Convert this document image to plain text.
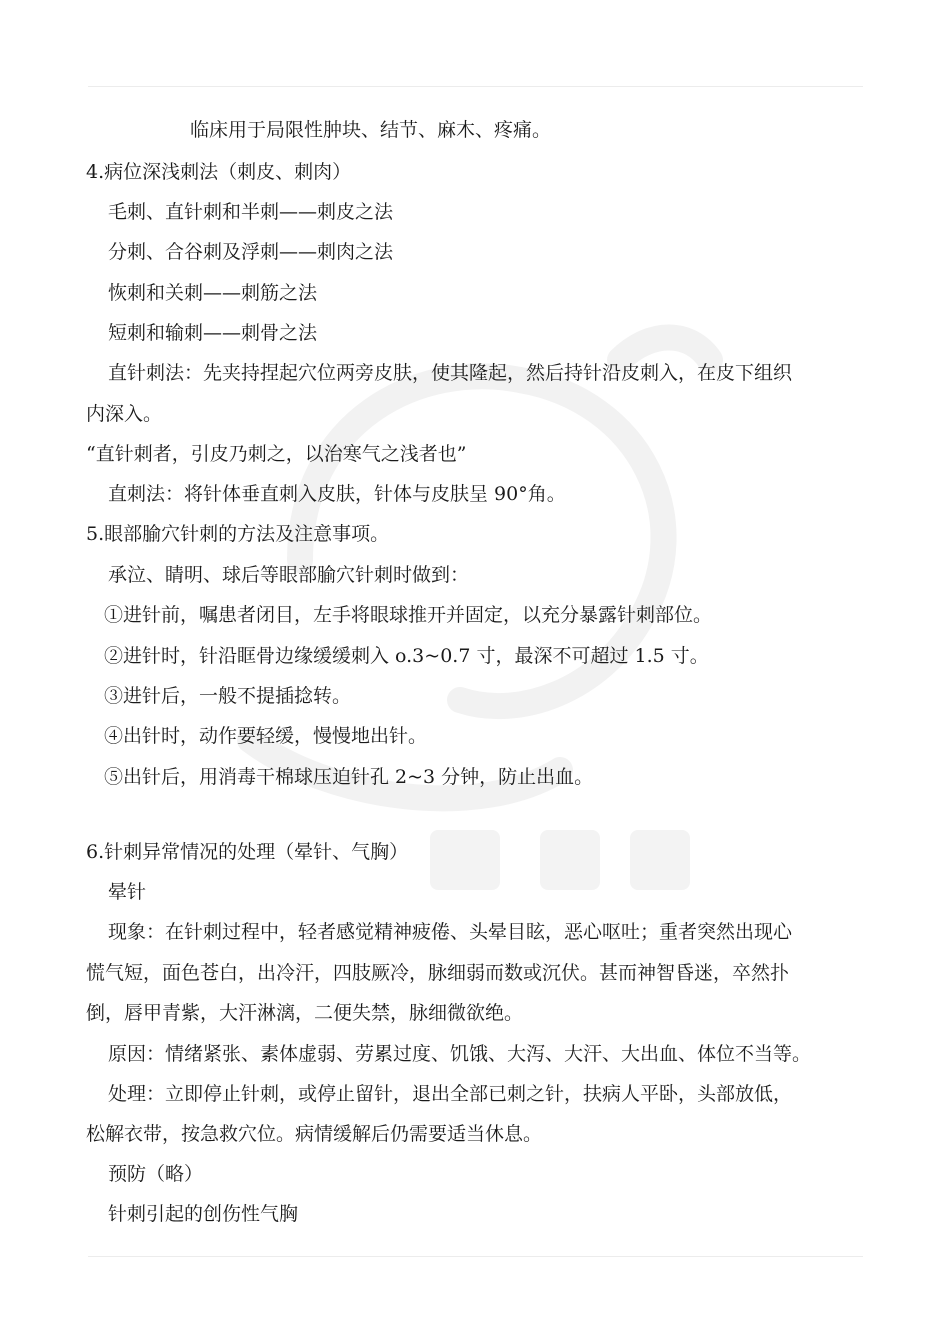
临床用于局限性肿块、结节、麻木、疼痛。
4.病位深浅刺法（刺皮、刺肉）
毛刺、直针刺和半刺——刺皮之法
分刺、合谷刺及浮刺——刺肉之法
恢刺和关刺——刺筋之法
短刺和输刺——刺骨之法
直针刺法：先夹持捏起穴位两旁皮肤，使其隆起，然后持针沿皮刺入，在皮下组织
内深入。
“直针刺者，引皮乃刺之，以治寒气之浅者也”
直刺法：将针体垂直刺入皮肤，针体与皮肤呈 90°角。
5.眼部腧穴针刺的方法及注意事项。
承泣、睛明、球后等眼部腧穴针刺时做到：
①进针前，嘱患者闭目，左手将眼球推开并固定，以充分暴露针刺部位。
②进针时，针沿眶骨边缘缓缓刺入 o.3~0.7 寸，最深不可超过 1.5 寸。
③进针后，一般不提插捻转。
④出针时，动作要轻缓，慢慢地出针。
⑤出针后，用消毒干棉球压迫针孔 2~3 分钟，防止出血。
6.针刺异常情况的处理（晕针、气胸）
晕针
现象：在针刺过程中，轻者感觉精神疲倦、头晕目眩，恶心呕吐；重者突然出现心
慌气短，面色苍白，出冷汗，四肢厥冷，脉细弱而数或沉伏。甚而神智昏迷，卒然扑
倒，唇甲青紫，大汗淋漓，二便失禁，脉细微欲绝。
原因：情绪紧张、素体虚弱、劳累过度、饥饿、大泻、大汗、大出血、体位不当等。
处理：立即停止针刺，或停止留针，退出全部已刺之针，扶病人平卧，头部放低，
松解衣带，按急救穴位。病情缓解后仍需要适当休息。
预防（略）
针刺引起的创伤性气胸
